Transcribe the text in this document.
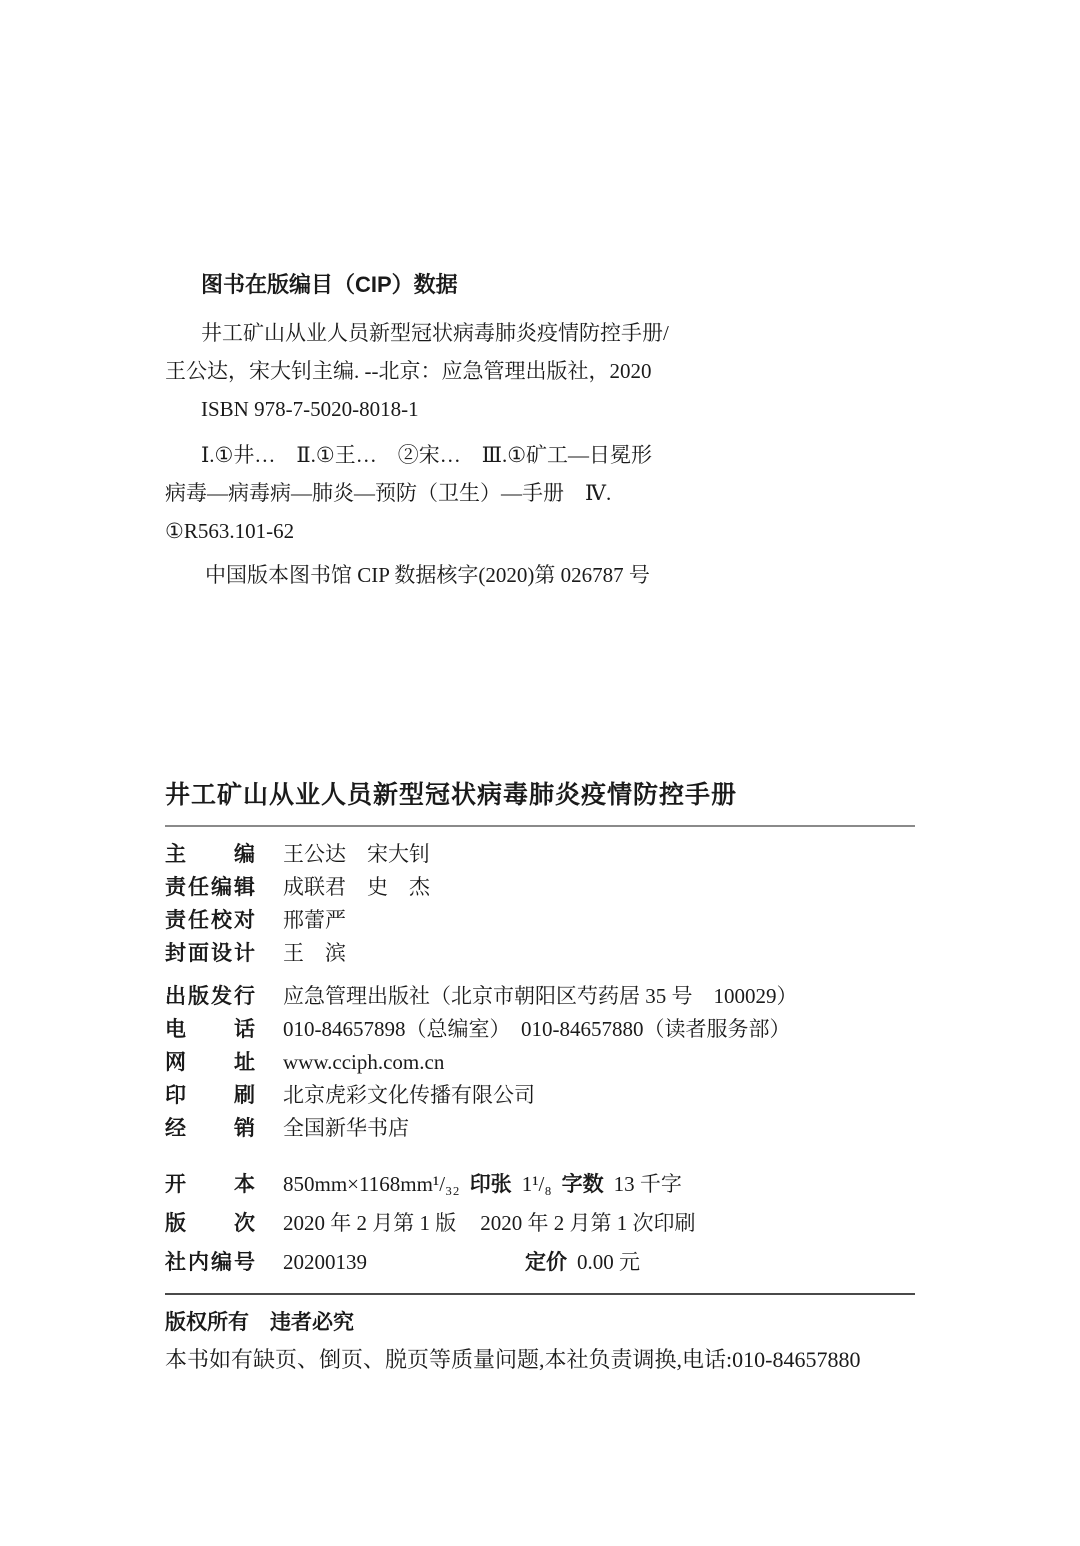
图书在版编目（CIP）数据
井工矿山从业人员新型冠状病毒肺炎疫情防控手册/
王公达，宋大钊主编. --北京：应急管理出版社，2020
ISBN 978-7-5020-8018-1
Ⅰ.①井…　Ⅱ.①王…　②宋…　Ⅲ.①矿工—日冕形
病毒—病毒病—肺炎—预防（卫生）—手册　Ⅳ.
①R563.101-62
中国版本图书馆 CIP 数据核字(2020)第 026787 号
井工矿山从业人员新型冠状病毒肺炎疫情防控手册
主编 王公达　宋大钊
责任编辑 成联君　史　杰
责任校对 邢蕾严
封面设计 王　滨
出版发行 应急管理出版社（北京市朝阳区芍药居 35 号　100029）
电话 010-84657898（总编室）　010-84657880（读者服务部）
网址 www.cciph.com.cn
印刷 北京虎彩文化传播有限公司
经销 全国新华书店
开本 850mm×1168mm¹/₃₂ 印张 1¹/₈ 字数 13 千字
版次 2020 年 2 月第 1 版 2020 年 2 月第 1 次印刷
社内编号 20200139	定价 0.00 元
版权所有　违者必究
本书如有缺页、倒页、脱页等质量问题,本社负责调换,电话:010-84657880
